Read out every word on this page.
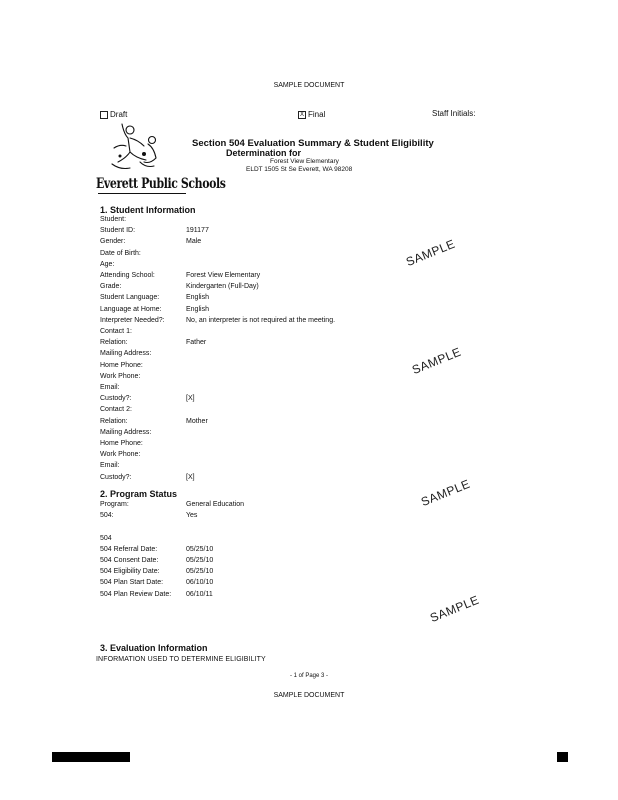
SAMPLE DOCUMENT
Draft	X Final	Staff Initials:
Everett Public Schools
Section 504 Evaluation Summary & Student Eligibility
Determination for
Forest View Elementary
ELDT 1505 St Se Everett, WA 98208
1. Student Information
Student:
Student ID:	191177
Gender:	Male
Date of Birth:
Age:
Attending School:	Forest View Elementary
Grade:	Kindergarten (Full-Day)
Student Language:	English
Language at Home:	English
Interpreter Needed?:	No, an interpreter is not required at the meeting.
Contact 1:
Relation:	Father
Mailing Address:
Home Phone:
Work Phone:
Email:
Custody?:	[X]
Contact 2:
Relation:	Mother
Mailing Address:
Home Phone:
Work Phone:
Email:
Custody?:	[X]
2. Program Status
Program:	General Education
504:	Yes
504
504 Referral Date:	05/25/10
504 Consent Date:	05/25/10
504 Eligibility Date:	05/25/10
504 Plan Start Date:	06/10/10
504 Plan Review Date: 06/10/11
3. Evaluation Information
INFORMATION USED TO DETERMINE ELIGIBILITY
SAMPLE
SAMPLE
SAMPLE
SAMPLE
- 1 of Page 3 -
SAMPLE DOCUMENT
